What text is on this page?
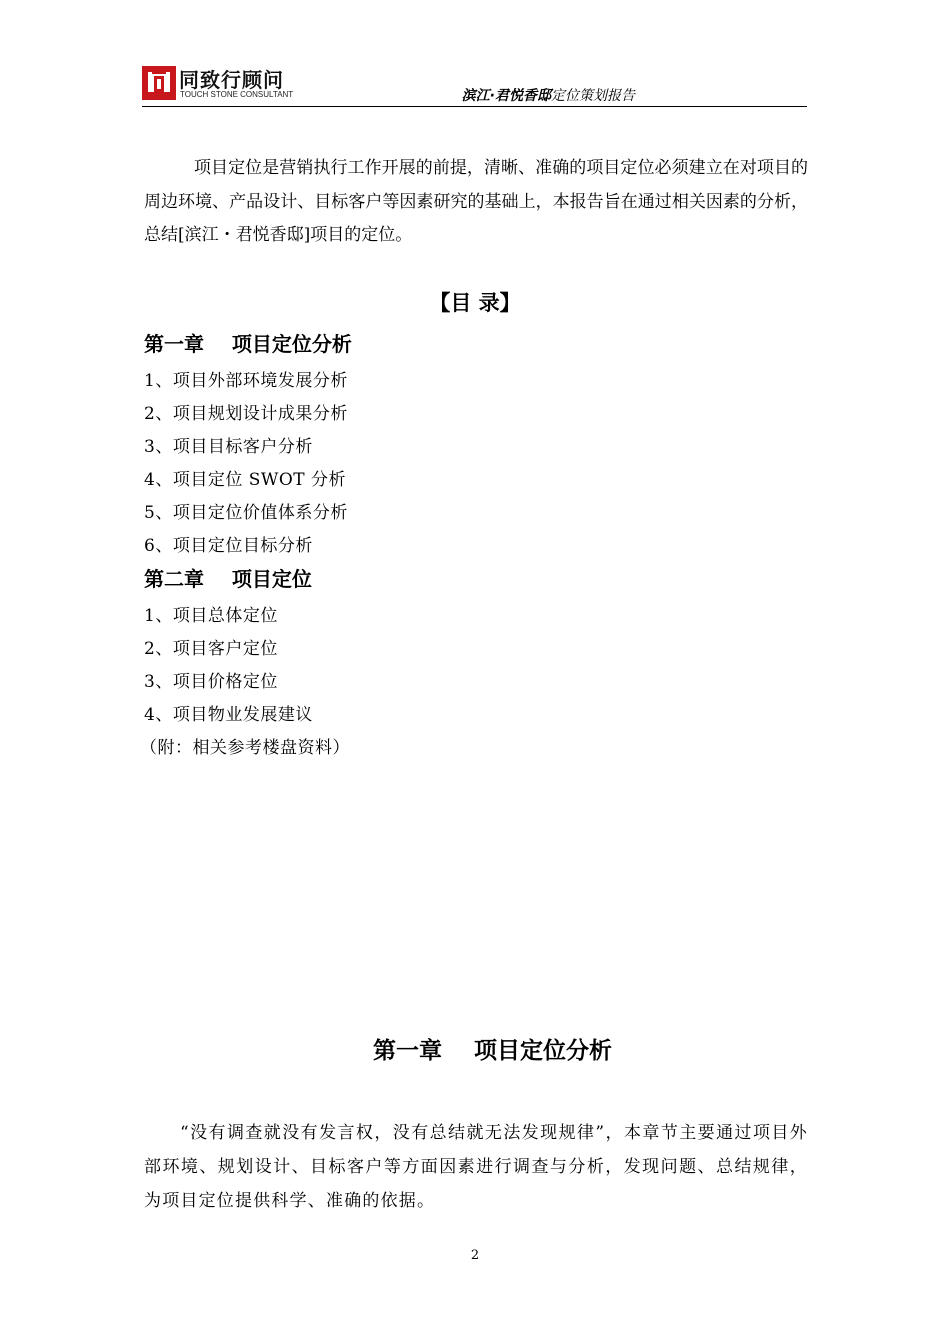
同致行顾问
TOUCH STONE CONSULTANT	滨江·君悦香邸定位策划报告

项目定位是营销执行工作开展的前提，清晰、准确的项目定位必须建立在对项目的周边环境、产品设计、目标客户等因素研究的基础上，本报告旨在通过相关因素的分析，总结[滨江・君悦香邸]项目的定位。

【目 录】
第一章    项目定位分析
1、项目外部环境发展分析
2、项目规划设计成果分析
3、项目目标客户分析
4、项目定位 SWOT 分析
5、项目定位价值体系分析
6、项目定位目标分析
第二章    项目定位
1、项目总体定位
2、项目客户定位
3、项目价格定位
4、项目物业发展建议
（附：相关参考楼盘资料）
第一章    项目定位分析

“没有调查就没有发言权，没有总结就无法发现规律”，本章节主要通过项目外部环境、规划设计、目标客户等方面因素进行调查与分析，发现问题、总结规律，为项目定位提供科学、准确的依据。

2
